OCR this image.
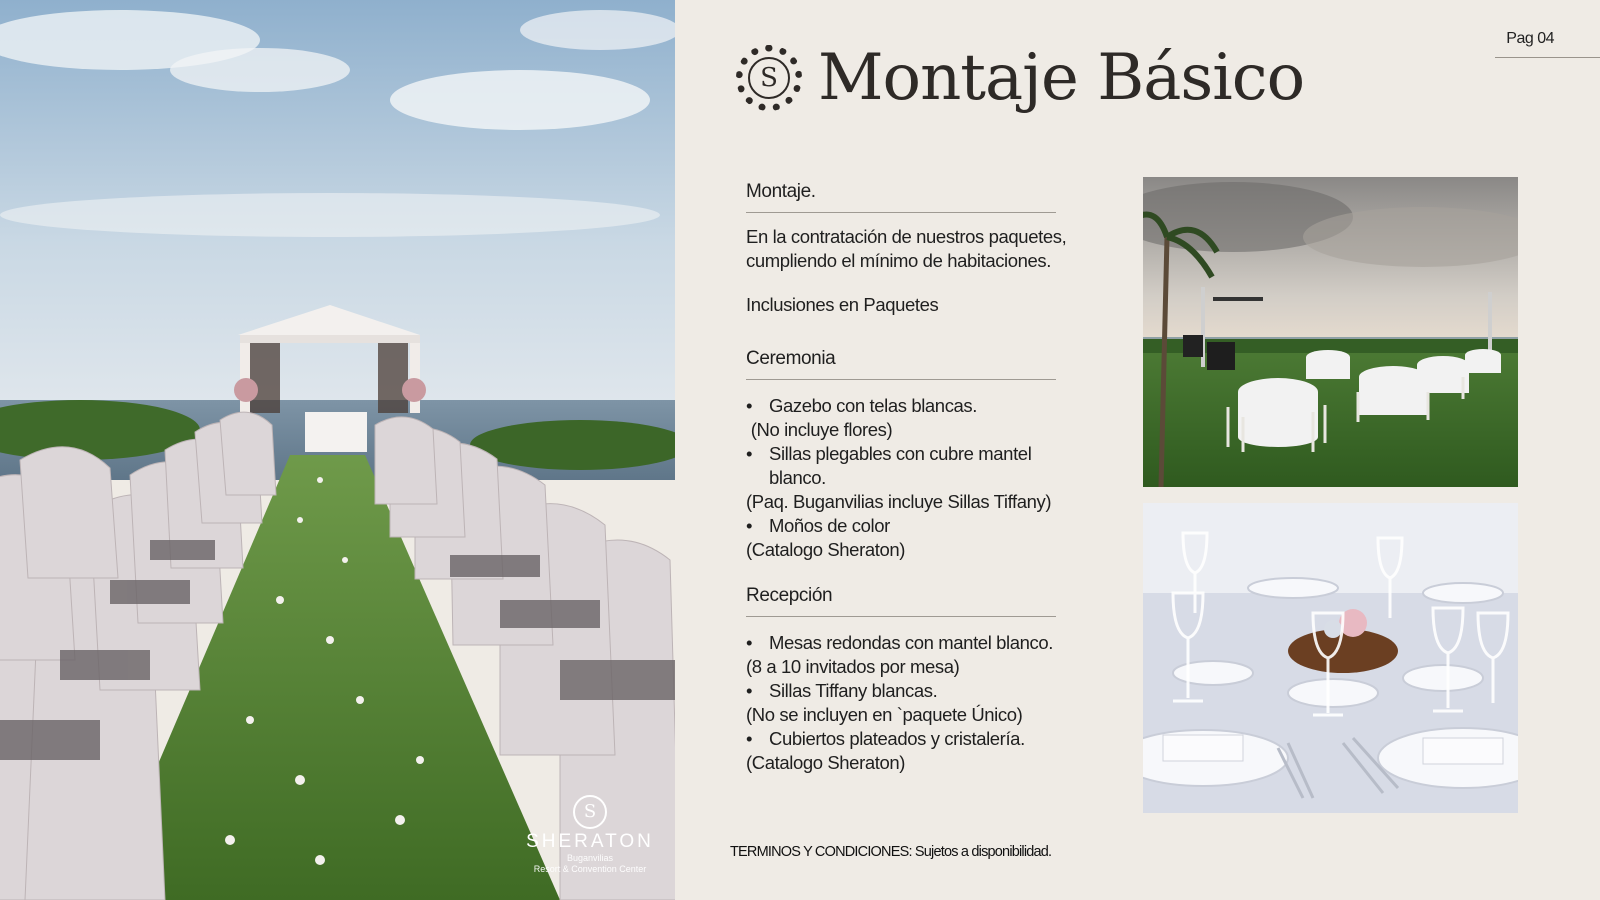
S
SHERATON
Buganvilias
Resort & Convention Center
Pag 04
S Montaje Básico

Montaje.

En la contratación de nuestros paquetes,

cumpliendo el mínimo de habitaciones.

Inclusiones en Paquetes

Ceremonia

• Gazebo con telas blancas.
(No incluye flores)
• Sillas plegables con cubre mantel
blanco.
(Paq. Buganvilias incluye Sillas Tiffany)
• Moños de color
(Catalogo Sheraton)

Recepción

• Mesas redondas con mantel blanco.
(8 a 10 invitados por mesa)
• Sillas Tiffany blancas.
(No se incluyen en `paquete Único)
• Cubiertos plateados y cristalería.
(Catalogo Sheraton)
TERMINOS Y CONDICIONES: Sujetos a disponibilidad.
